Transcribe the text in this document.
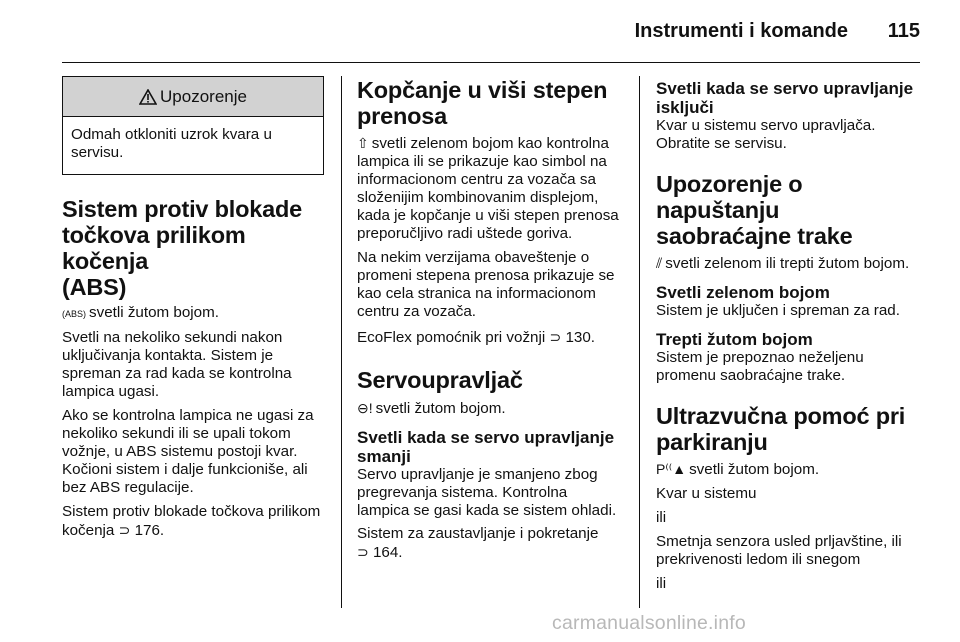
Instrumenti i komande 115
Upozorenje
Odmah otkloniti uzrok kvara u servisu.
Sistem protiv blokade
točkova prilikom kočenja
(ABS)

(ABS) svetli žutom bojom.

Svetli na nekoliko sekundi nakon uključivanja kontakta. Sistem je spreman za rad kada se kontrolna lampica ugasi.

Ako se kontrolna lampica ne ugasi za nekoliko sekundi ili se upali tokom vožnje, u ABS sistemu postoji kvar. Kočioni sistem i dalje funkcioniše, ali bez ABS regulacije.

Sistem protiv blokade točkova prilikom kočenja ⊃ 176.

Kopčanje u viši stepen
prenosa

⇧ svetli zelenom bojom kao kontrolna lampica ili se prikazuje kao simbol na informacionom centru za vozača sa složenijim kombinovanim displejom, kada je kopčanje u viši stepen prenosa preporučljivo radi uštede goriva.

Na nekim verzijama obaveštenje o promeni stepena prenosa prikazuje se kao cela stranica na informacionom centru za vozača.

EcoFlex pomoćnik pri vožnji ⊃ 130.

Servoupravljač

⊖! svetli žutom bojom.

Svetli kada se servo upravljanje smanji

Servo upravljanje je smanjeno zbog pregrevanja sistema. Kontrolna lampica se gasi kada se sistem ohladi.

Sistem za zaustavljanje i pokretanje
⊃ 164.

Svetli kada se servo upravljanje isključi

Kvar u sistemu servo upravljača. Obratite se servisu.

Upozorenje o napuštanju
saobraćajne trake

⫽ svetli zelenom ili trepti žutom bojom.

Svetli zelenom bojom

Sistem je uključen i spreman za rad.

Trepti žutom bojom

Sistem je prepoznao neželjenu promenu saobraćajne trake.

Ultrazvučna pomoć pri
parkiranju

P⁽⁽▲ svetli žutom bojom.

Kvar u sistemu

ili

Smetnja senzora usled prljavštine, ili prekrivenosti ledom ili snegom

ili

carmanualsonline.info
